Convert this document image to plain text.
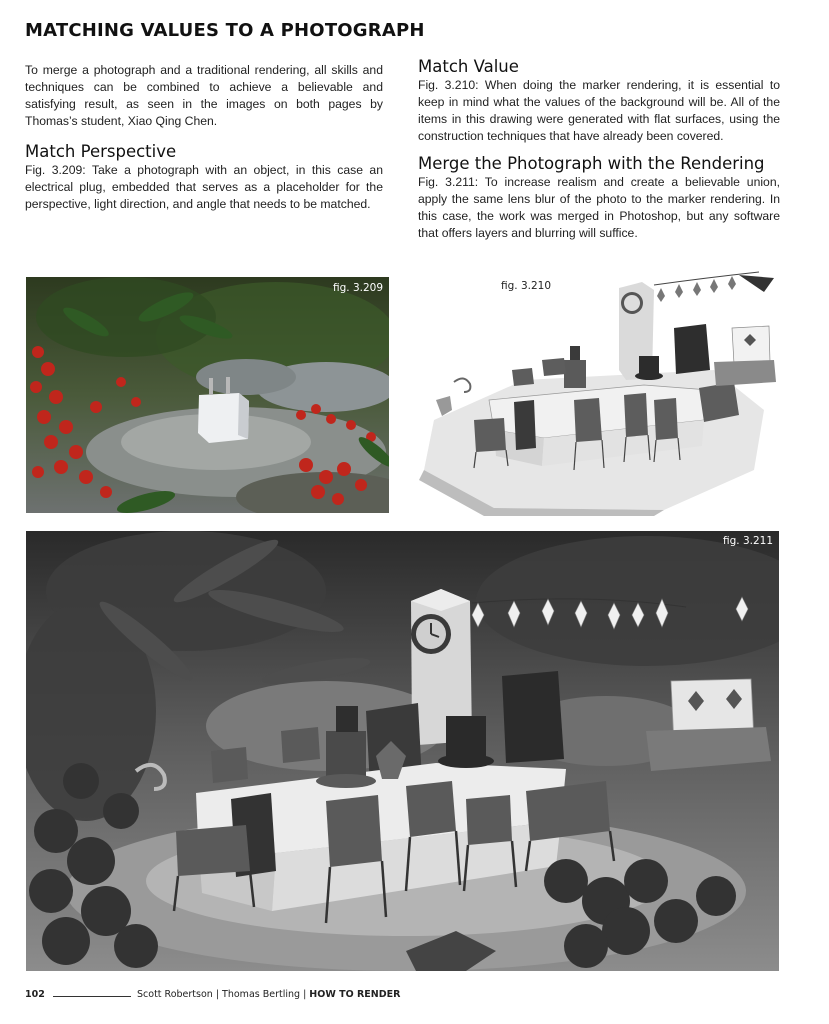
MATCHING VALUES TO A PHOTOGRAPH

To merge a photograph and a traditional rendering, all skills and techniques can be combined to achieve a believable and satisfying result, as seen in the images on both pages by Thomas’s student, Xiao Qing Chen.

Match Perspective

Fig. 3.209: Take a photograph with an object, in this case an electrical plug, embedded that serves as a placeholder for the perspective, light direction, and angle that needs to be matched.

Match Value

Fig. 3.210: When doing the marker rendering, it is essential to keep in mind what the values of the background will be. All of the items in this drawing were generated with flat surfaces, using the construction techniques that have already been covered.

Merge the Photograph with the Rendering

Fig. 3.211: To increase realism and create a believable union, apply the same lens blur of the photo to the marker rendering. In this case, the work was merged in Photoshop, but any software that offers layers and blurring will suffice.

fig. 3.209	fig. 3.210
fig. 3.211
102	Scott Robertson | Thomas Bertling | HOW TO RENDER
